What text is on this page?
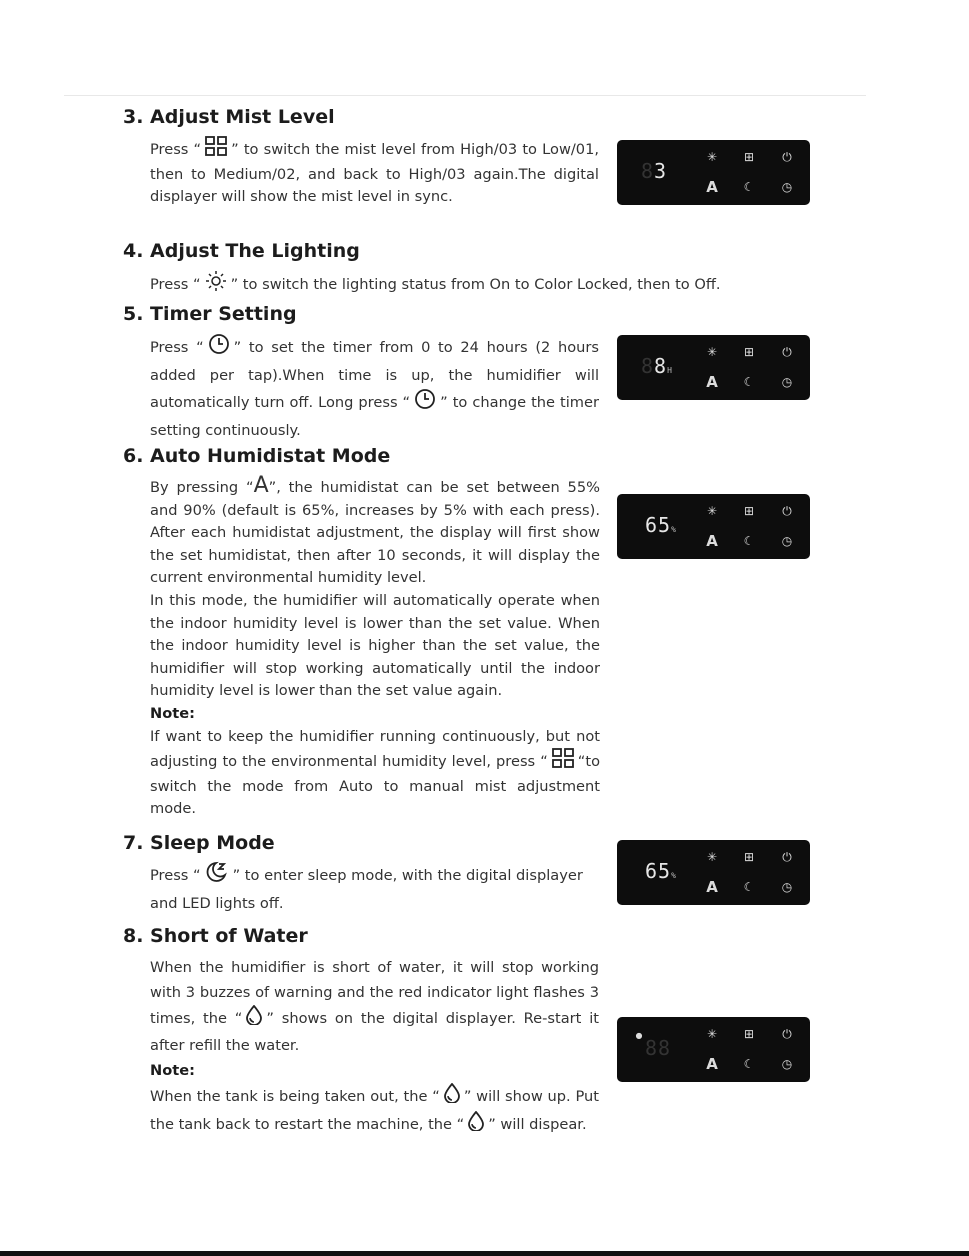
3. Adjust Mist Level
Press “ ” to switch the mist level from High/03 to Low/01, then to Medium/02, and back to High/03 again.The digital displayer will show the mist level in sync.
83
✳ ⊞ ⏻
A ☾ ◷
4. Adjust The Lighting
Press “ ” to switch the lighting status from On to Color Locked, then to Off.
5. Timer Setting
Press “ ” to set the timer from 0 to 24 hours (2 hours added per tap).When time is up, the humidifier will automatically turn off. Long press “ ” to change the timer setting continuously.
88H
✳ ⊞ ⏻
A ☾ ◷
6. Auto Humidistat Mode
By pressing “A”, the humidistat can be set between 55% and 90% (default is 65%, increases by 5% with each press). After each humidistat adjustment, the display will first show the set humidistat, then after 10 seconds, it will display the current environmental humidity level.
In this mode, the humidifier will automatically operate when the indoor humidity level is lower than the set value. When the indoor humidity level is higher than the set value, the humidifier will stop working automatically until the indoor humidity level is lower than the set value again.
Note:
If want to keep the humidifier running continuously, but not adjusting to the environmental humidity level, press “ “to switch the mode from Auto to manual mist adjustment mode.
65%
✳ ⊞ ⏻
A ☾ ◷
7. Sleep Mode
Press “ ” to enter sleep mode, with the digital displayer and LED lights off.
65%
✳ ⊞ ⏻
A ☾ ◷
8. Short of Water
When the humidifier is short of water, it will stop working with 3 buzzes of warning and the red indicator light flashes 3 times, the “ ” shows on the digital displayer. Re-start it after refill the water.
Note:
When the tank is being taken out, the “ ” will show up. Put the tank back to restart the machine, the “ ” will dispear.
●
88
✳ ⊞ ⏻
A ☾ ◷
